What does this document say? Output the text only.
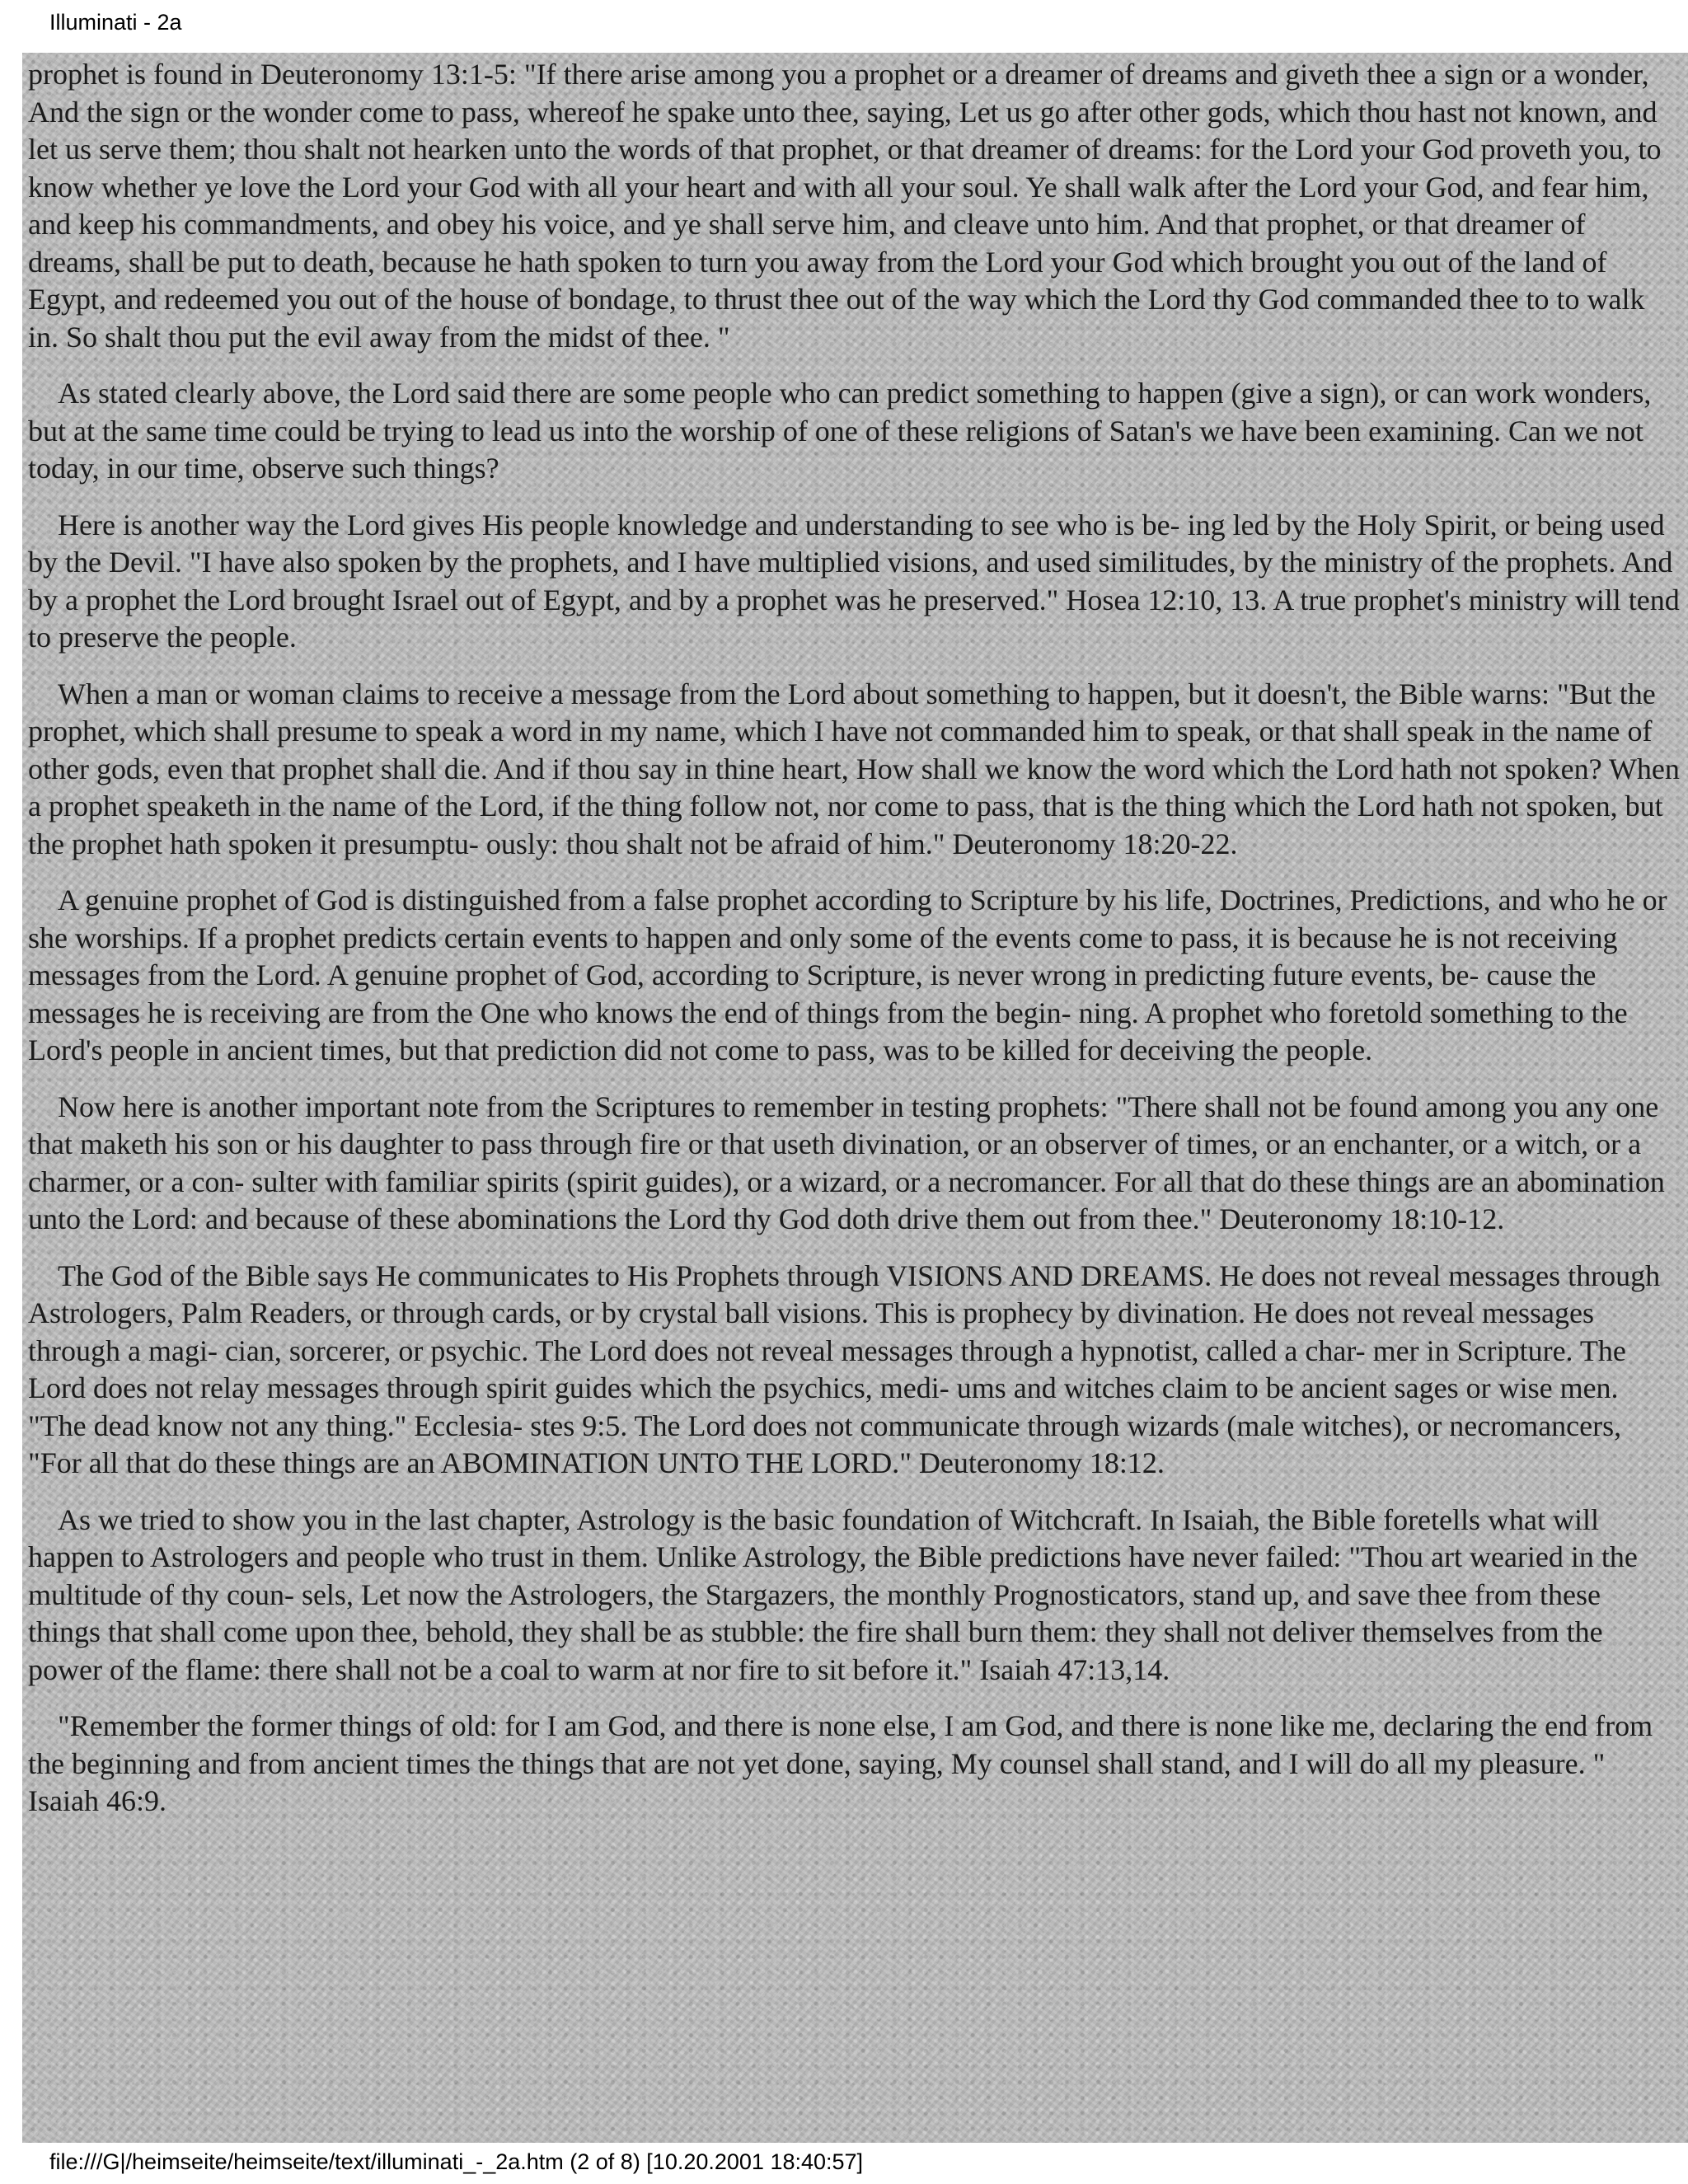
Illuminati - 2a

prophet is found in Deuteronomy 13:1-5: "If there arise among you a prophet or a dreamer of dreams and giveth thee a sign or a wonder, And the sign or the wonder come to pass, whereof he spake unto thee, saying, Let us go after other gods, which thou hast not known, and let us serve them; thou shalt not hearken unto the words of that prophet, or that dreamer of dreams: for the Lord your God proveth you, to know whether ye love the Lord your God with all your heart and with all your soul. Ye shall walk after the Lord your God, and fear him, and keep his commandments, and obey his voice, and ye shall serve him, and cleave unto him. And that prophet, or that dreamer of dreams, shall be put to death, because he hath spoken to turn you away from the Lord your God which brought you out of the land of Egypt, and redeemed you out of the house of bondage, to thrust thee out of the way which the Lord thy God commanded thee to to walk in. So shalt thou put the evil away from the midst of thee. "

As stated clearly above, the Lord said there are some people who can predict something to happen (give a sign), or can work wonders, but at the same time could be trying to lead us into the worship of one of these religions of Satan's we have been examining. Can we not today, in our time, observe such things?

Here is another way the Lord gives His people knowledge and understanding to see who is be- ing led by the Holy Spirit, or being used by the Devil. "I have also spoken by the prophets, and I have multiplied visions, and used similitudes, by the ministry of the prophets. And by a prophet the Lord brought Israel out of Egypt, and by a prophet was he preserved." Hosea 12:10, 13. A true prophet's ministry will tend to preserve the people.

When a man or woman claims to receive a message from the Lord about something to happen, but it doesn't, the Bible warns: "But the prophet, which shall presume to speak a word in my name, which I have not commanded him to speak, or that shall speak in the name of other gods, even that prophet shall die. And if thou say in thine heart, How shall we know the word which the Lord hath not spoken? When a prophet speaketh in the name of the Lord, if the thing follow not, nor come to pass, that is the thing which the Lord hath not spoken, but the prophet hath spoken it presumptu- ously: thou shalt not be afraid of him." Deuteronomy 18:20-22.

A genuine prophet of God is distinguished from a false prophet according to Scripture by his life, Doctrines, Predictions, and who he or she worships. If a prophet predicts certain events to happen and only some of the events come to pass, it is because he is not receiving messages from the Lord. A genuine prophet of God, according to Scripture, is never wrong in predicting future events, be- cause the messages he is receiving are from the One who knows the end of things from the begin- ning. A prophet who foretold something to the Lord's people in ancient times, but that prediction did not come to pass, was to be killed for deceiving the people.

Now here is another important note from the Scriptures to remember in testing prophets: "There shall not be found among you any one that maketh his son or his daughter to pass through fire or that useth divination, or an observer of times, or an enchanter, or a witch, or a charmer, or a con- sulter with familiar spirits (spirit guides), or a wizard, or a necromancer. For all that do these things are an abomination unto the Lord: and because of these abominations the Lord thy God doth drive them out from thee." Deuteronomy 18:10-12.

The God of the Bible says He communicates to His Prophets through VISIONS AND DREAMS. He does not reveal messages through Astrologers, Palm Readers, or through cards, or by crystal ball visions. This is prophecy by divination. He does not reveal messages through a magi- cian, sorcerer, or psychic. The Lord does not reveal messages through a hypnotist, called a char- mer in Scripture. The Lord does not relay messages through spirit guides which the psychics, medi- ums and witches claim to be ancient sages or wise men. "The dead know not any thing." Ecclesia- stes 9:5. The Lord does not communicate through wizards (male witches), or necromancers, "For all that do these things are an ABOMINATION UNTO THE LORD." Deuteronomy 18:12.

As we tried to show you in the last chapter, Astrology is the basic foundation of Witchcraft. In Isaiah, the Bible foretells what will happen to Astrologers and people who trust in them. Unlike Astrology, the Bible predictions have never failed: "Thou art wearied in the multitude of thy coun- sels, Let now the Astrologers, the Stargazers, the monthly Prognosticators, stand up, and save thee from these things that shall come upon thee, behold, they shall be as stubble: the fire shall burn them: they shall not deliver themselves from the power of the flame: there shall not be a coal to warm at nor fire to sit before it." Isaiah 47:13,14.

"Remember the former things of old: for I am God, and there is none else, I am God, and there is none like me, declaring the end from the beginning and from ancient times the things that are not yet done, saying, My counsel shall stand, and I will do all my pleasure. " Isaiah 46:9.

file:///G|/heimseite/heimseite/text/illuminati_-_2a.htm (2 of 8) [10.20.2001 18:40:57]
